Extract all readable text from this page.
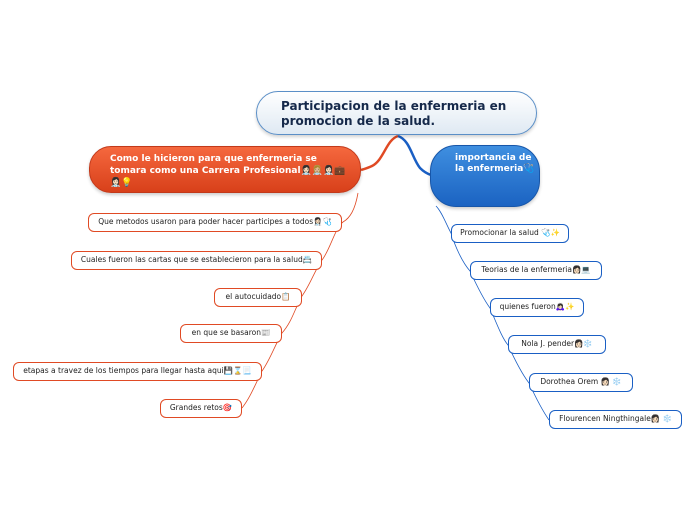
Participacion de la enfermeria en promocion de la salud.
Como le hicieron para que enfermeria se tomara como una Carrera Profesional👩🏻‍⚕️👩🏼‍⚕️👩🏻‍⚕️💼👩🏻‍⚕️💡
importancia de la enfermeria🩺
Que metodos usaron para poder hacer participes a todos👩🏻‍⚕️🩺
Cuales fueron las cartas que se establecieron para la salud📇
el autocuidado📋
en que se basaron📰
etapas a travez de los tiempos para llegar hasta aqui💾⌛📃
Grandes retos🎯
Promocionar la salud 🩺✨
Teorias de la enfermeria👩🏻💻
quienes fueron🙇🏻‍♀️✨
Nola J. pender👩🏻❄️
Dorothea Orem 👩🏻 ❄️
Flourencen Ningthingale👩🏻 ❄️
